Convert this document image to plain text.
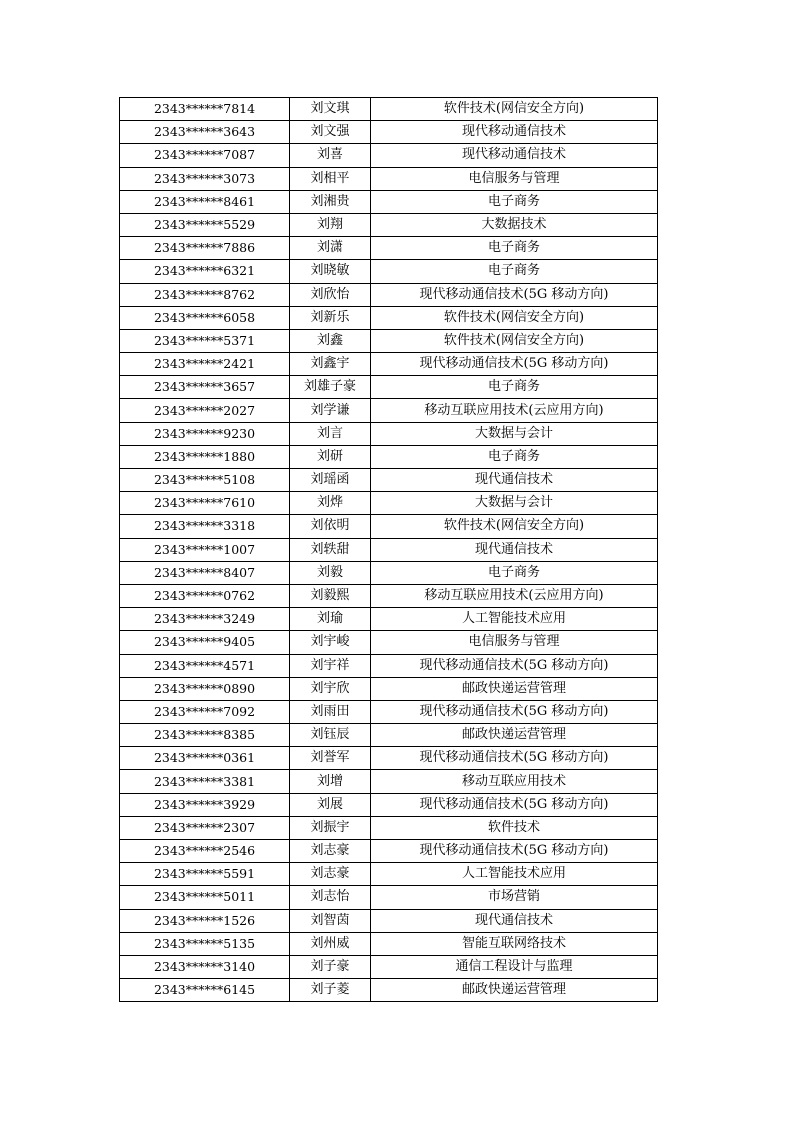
2343******7814	刘文琪	软件技术(网信安全方向)
2343******3643	刘文强	现代移动通信技术
2343******7087	刘喜	现代移动通信技术
2343******3073	刘相平	电信服务与管理
2343******8461	刘湘贵	电子商务
2343******5529	刘翔	大数据技术
2343******7886	刘潇	电子商务
2343******6321	刘晓敏	电子商务
2343******8762	刘欣怡	现代移动通信技术(5G 移动方向)
2343******6058	刘新乐	软件技术(网信安全方向)
2343******5371	刘鑫	软件技术(网信安全方向)
2343******2421	刘鑫宇	现代移动通信技术(5G 移动方向)
2343******3657	刘雄子豪	电子商务
2343******2027	刘学谦	移动互联应用技术(云应用方向)
2343******9230	刘言	大数据与会计
2343******1880	刘研	电子商务
2343******5108	刘瑶函	现代通信技术
2343******7610	刘烨	大数据与会计
2343******3318	刘依明	软件技术(网信安全方向)
2343******1007	刘轶甜	现代通信技术
2343******8407	刘毅	电子商务
2343******0762	刘毅熙	移动互联应用技术(云应用方向)
2343******3249	刘瑜	人工智能技术应用
2343******9405	刘宇峻	电信服务与管理
2343******4571	刘宇祥	现代移动通信技术(5G 移动方向)
2343******0890	刘宇欣	邮政快递运营管理
2343******7092	刘雨田	现代移动通信技术(5G 移动方向)
2343******8385	刘钰辰	邮政快递运营管理
2343******0361	刘誉军	现代移动通信技术(5G 移动方向)
2343******3381	刘增	移动互联应用技术
2343******3929	刘展	现代移动通信技术(5G 移动方向)
2343******2307	刘振宇	软件技术
2343******2546	刘志豪	现代移动通信技术(5G 移动方向)
2343******5591	刘志豪	人工智能技术应用
2343******5011	刘志怡	市场营销
2343******1526	刘智茵	现代通信技术
2343******5135	刘州威	智能互联网络技术
2343******3140	刘子豪	通信工程设计与监理
2343******6145	刘子菱	邮政快递运营管理
